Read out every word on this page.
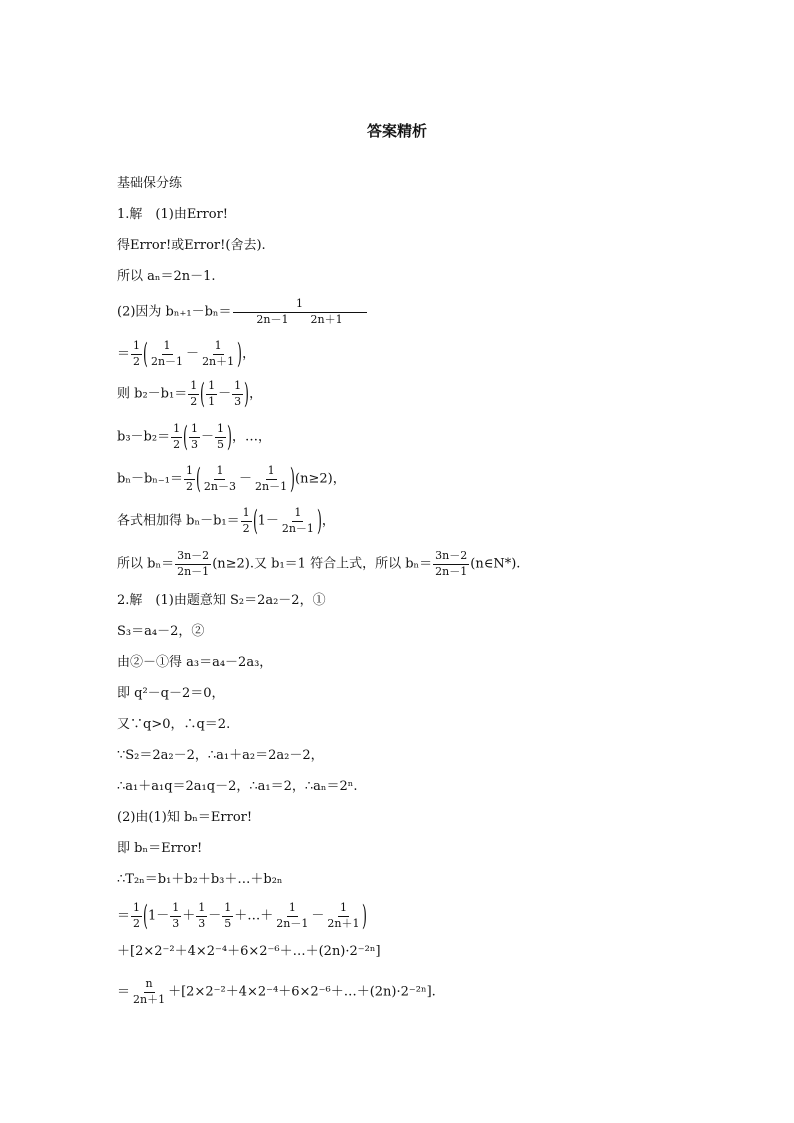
答案精析
基础保分练
1.解　(1)由Error!
得Error!或Error!(舍去).
所以 aₙ＝2n－1.
(2)因为 $b_{n+1}-b_n= \frac{1}{2n-1 2n+1}$
＝ $\frac{1}{2}$ ( $\frac{1}{2n-1} - \frac{1}{2n+1}$ )，
则 $b_2-b_1= \frac{1}{2}$ ( $\frac{1}{1} - \frac{1}{3}$ )，
$b_3-b_2= \frac{1}{2}$ ( $\frac{1}{3} - \frac{1}{5}$ )，…，
$b_n-b_{n-1}= \frac{1}{2}$ ( $\frac{1}{2n-3} - \frac{1}{2n-1} )(n\ge 2)$，
各式相加得 $b_n-b_1= \frac{1}{2} (1- \frac{1}{2n-1}$ )，
所以 $b_n= \frac{3n-2}{2n-1} (n\ge 2)$.又 b₁＝1 符合上式，所以 $b_n= \frac{3n-2}{2n-1}$ (n∈N*).
2.解　(1)由题意知 S₂＝2a₂－2，①
S₃＝a₄－2，②
由②－①得 a₃＝a₄－2a₃，
即 q²－q－2＝0，
又∵q>0，∴q＝2.
∵S₂＝2a₂－2，∴a₁＋a₂＝2a₂－2，
∴a₁＋a₁q＝2a₁q－2，∴a₁＝2，∴aₙ＝2ⁿ.
(2)由(1)知 bₙ＝Error!
即 bₙ＝Error!
∴T₂ₙ＝b₁＋b₂＋b₃＋…＋b₂ₙ
＝ $\frac{1}{2} (1- \frac{1}{3} + \frac{1}{3} - \frac{1}{5}$ ＋…＋ $\frac{1}{2n-1} - \frac{1}{2n+1}$ )
＋[2×2⁻²＋4×2⁻⁴＋6×2⁻⁶＋…＋(2n)·2⁻²ⁿ]
＝ $\frac{n}{2n+1}$ ＋[2×2⁻²＋4×2⁻⁴＋6×2⁻⁶＋…＋(2n)·2⁻²ⁿ].
